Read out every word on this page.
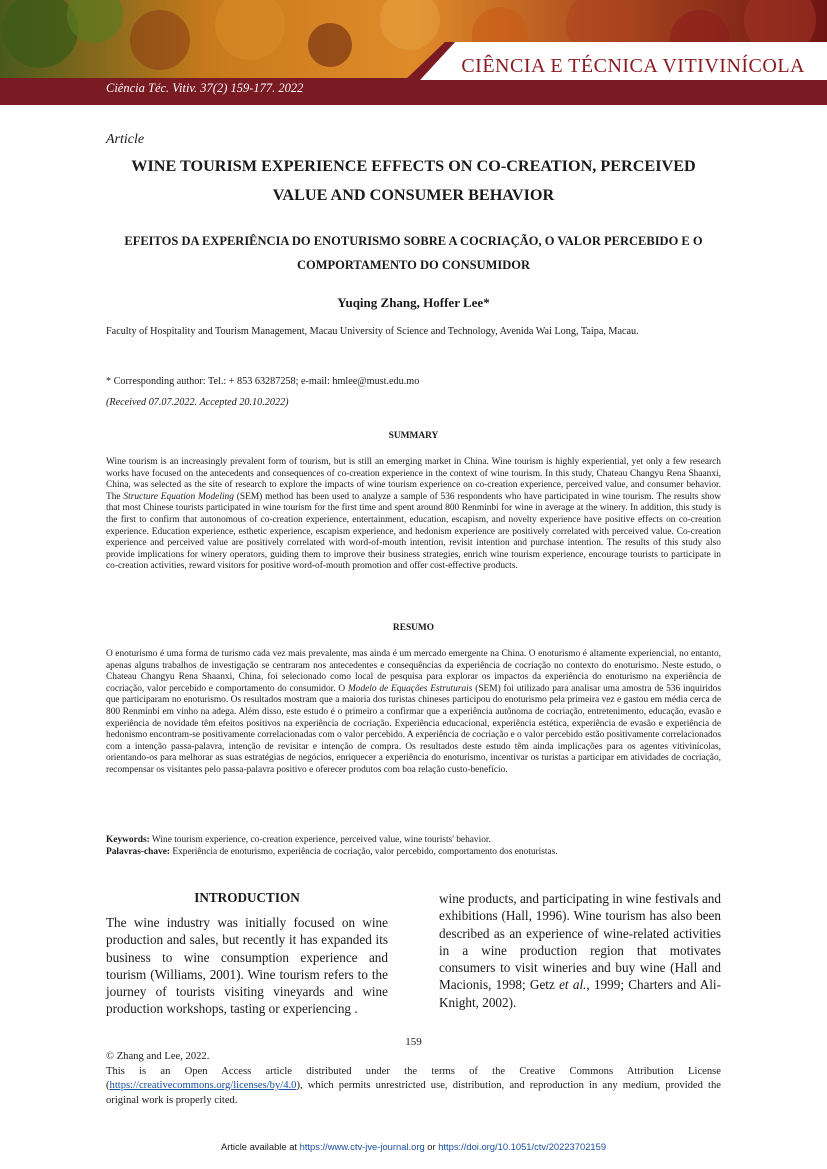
CIÊNCIA E TÉCNICA VITIVINÍCOLA
Ciência Téc. Vitiv. 37(2) 159-177. 2022
Article
WINE TOURISM EXPERIENCE EFFECTS ON CO-CREATION, PERCEIVED VALUE AND CONSUMER BEHAVIOR
EFEITOS DA EXPERIÊNCIA DO ENOTURISMO SOBRE A COCRIAÇÃO, O VALOR PERCEBIDO E O COMPORTAMENTO DO CONSUMIDOR
Yuqing Zhang, Hoffer Lee*
Faculty of Hospitality and Tourism Management, Macau University of Science and Technology, Avenida Wai Long, Taipa, Macau.
* Corresponding author: Tel.: + 853 63287258; e-mail: hmlee@must.edu.mo
(Received 07.07.2022. Accepted 20.10.2022)
SUMMARY
Wine tourism is an increasingly prevalent form of tourism, but is still an emerging market in China. Wine tourism is highly experiential, yet only a few research works have focused on the antecedents and consequences of co-creation experience in the context of wine tourism. In this study, Chateau Changyu Rena Shaanxi, China, was selected as the site of research to explore the impacts of wine tourism experience on co-creation experience, perceived value, and consumer behavior. The Structure Equation Modeling (SEM) method has been used to analyze a sample of 536 respondents who have participated in wine tourism. The results show that most Chinese tourists participated in wine tourism for the first time and spent around 800 Renminbi for wine in average at the winery. In addition, this study is the first to confirm that autonomous of co-creation experience, entertainment, education, escapism, and novelty experience have positive effects on co-creation experience. Education experience, esthetic experience, escapism experience, and hedonism experience are positively correlated with perceived value. Co-creation experience and perceived value are positively correlated with word-of-mouth intention, revisit intention and purchase intention. The results of this study also provide implications for winery operators, guiding them to improve their business strategies, enrich wine tourism experience, encourage tourists to participate in co-creation activities, reward visitors for positive word-of-mouth promotion and offer cost-effective products.
RESUMO
O enoturismo é uma forma de turismo cada vez mais prevalente, mas ainda é um mercado emergente na China. O enoturismo é altamente experiencial, no entanto, apenas alguns trabalhos de investigação se centraram nos antecedentes e consequências da experiência de cocriação no contexto do enoturismo. Neste estudo, o Chateau Changyu Rena Shaanxi, China, foi selecionado como local de pesquisa para explorar os impactos da experiência do enoturismo na experiência de cocriação, valor percebido e comportamento do consumidor. O Modelo de Equações Estruturais (SEM) foi utilizado para analisar uma amostra de 536 inquiridos que participaram no enoturismo. Os resultados mostram que a maioria dos turistas chineses participou do enoturismo pela primeira vez e gastou em média cerca de 800 Renminbi em vinho na adega. Além disso, este estudo é o primeiro a confirmar que a experiência autônoma de cocriação, entretenimento, educação, evasão e experiência de novidade têm efeitos positivos na experiência de cocriação. Experiência educacional, experiência estética, experiência de evasão e experiência de hedonismo encontram-se positivamente correlacionadas com o valor percebido. A experiência de cocriação e o valor percebido estão positivamente correlacionados com a intenção passa-palavra, intenção de revisitar e intenção de compra. Os resultados deste estudo têm ainda implicações para os agentes vitivinícolas, orientando-os para melhorar as suas estratégias de negócios, enriquecer a experiência do enoturismo, incentivar os turistas a participar em atividades de cocriação, recompensar os visitantes pelo passa-palavra positivo e oferecer produtos com boa relação custo-benefício.
Keywords: Wine tourism experience, co-creation experience, perceived value, wine tourists' behavior.
Palavras-chave: Experiência de enoturismo, experiência de cocriação, valor percebido, comportamento dos enoturistas.
INTRODUCTION
The wine industry was initially focused on wine production and sales, but recently it has expanded its business to wine consumption experience and tourism (Williams, 2001). Wine tourism refers to the journey of tourists visiting vineyards and wine production workshops, tasting or experiencing .
wine products, and participating in wine festivals and exhibitions (Hall, 1996). Wine tourism has also been described as an experience of wine-related activities in a wine production region that motivates consumers to visit wineries and buy wine (Hall and Macionis, 1998; Getz et al., 1999; Charters and Ali-Knight, 2002).
159
© Zhang and Lee, 2022.
This is an Open Access article distributed under the terms of the Creative Commons Attribution License (https://creativecommons.org/licenses/by/4.0), which permits unrestricted use, distribution, and reproduction in any medium, provided the original work is properly cited.
Article available at https://www.ctv-jve-journal.org or https://doi.org/10.1051/ctv/20223702159
